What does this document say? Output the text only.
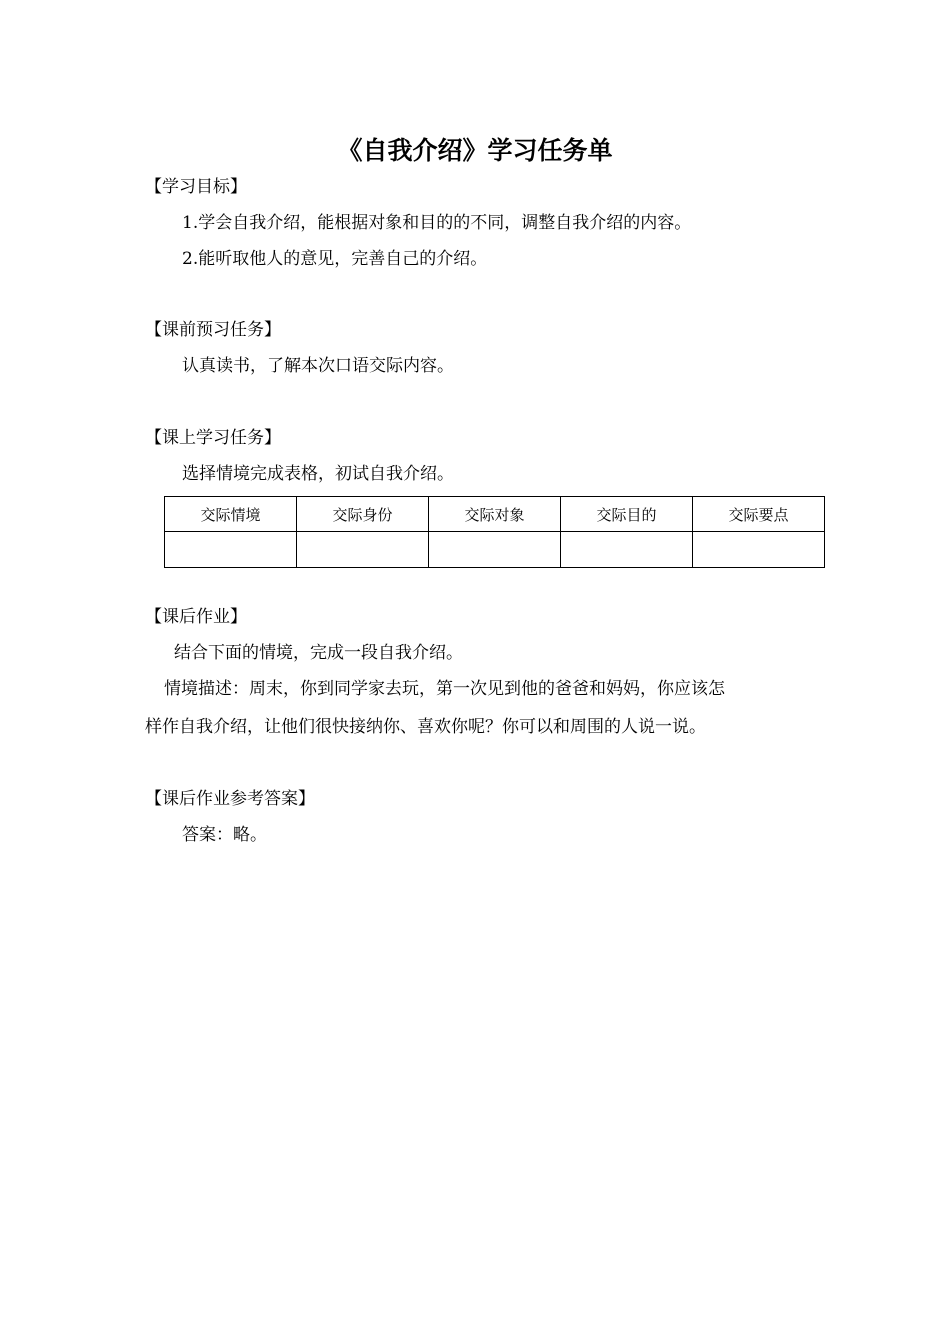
《自我介绍》学习任务单
【学习目标】
1.学会自我介绍，能根据对象和目的的不同，调整自我介绍的内容。
2.能听取他人的意见，完善自己的介绍。
【课前预习任务】
认真读书，了解本次口语交际内容。
【课上学习任务】
选择情境完成表格，初试自我介绍。
交际情境	交际身份	交际对象	交际目的	交际要点

【课后作业】
结合下面的情境，完成一段自我介绍。
情境描述：周末，你到同学家去玩，第一次见到他的爸爸和妈妈，你应该怎
样作自我介绍，让他们很快接纳你、喜欢你呢？你可以和周围的人说一说。
【课后作业参考答案】
答案：略。
